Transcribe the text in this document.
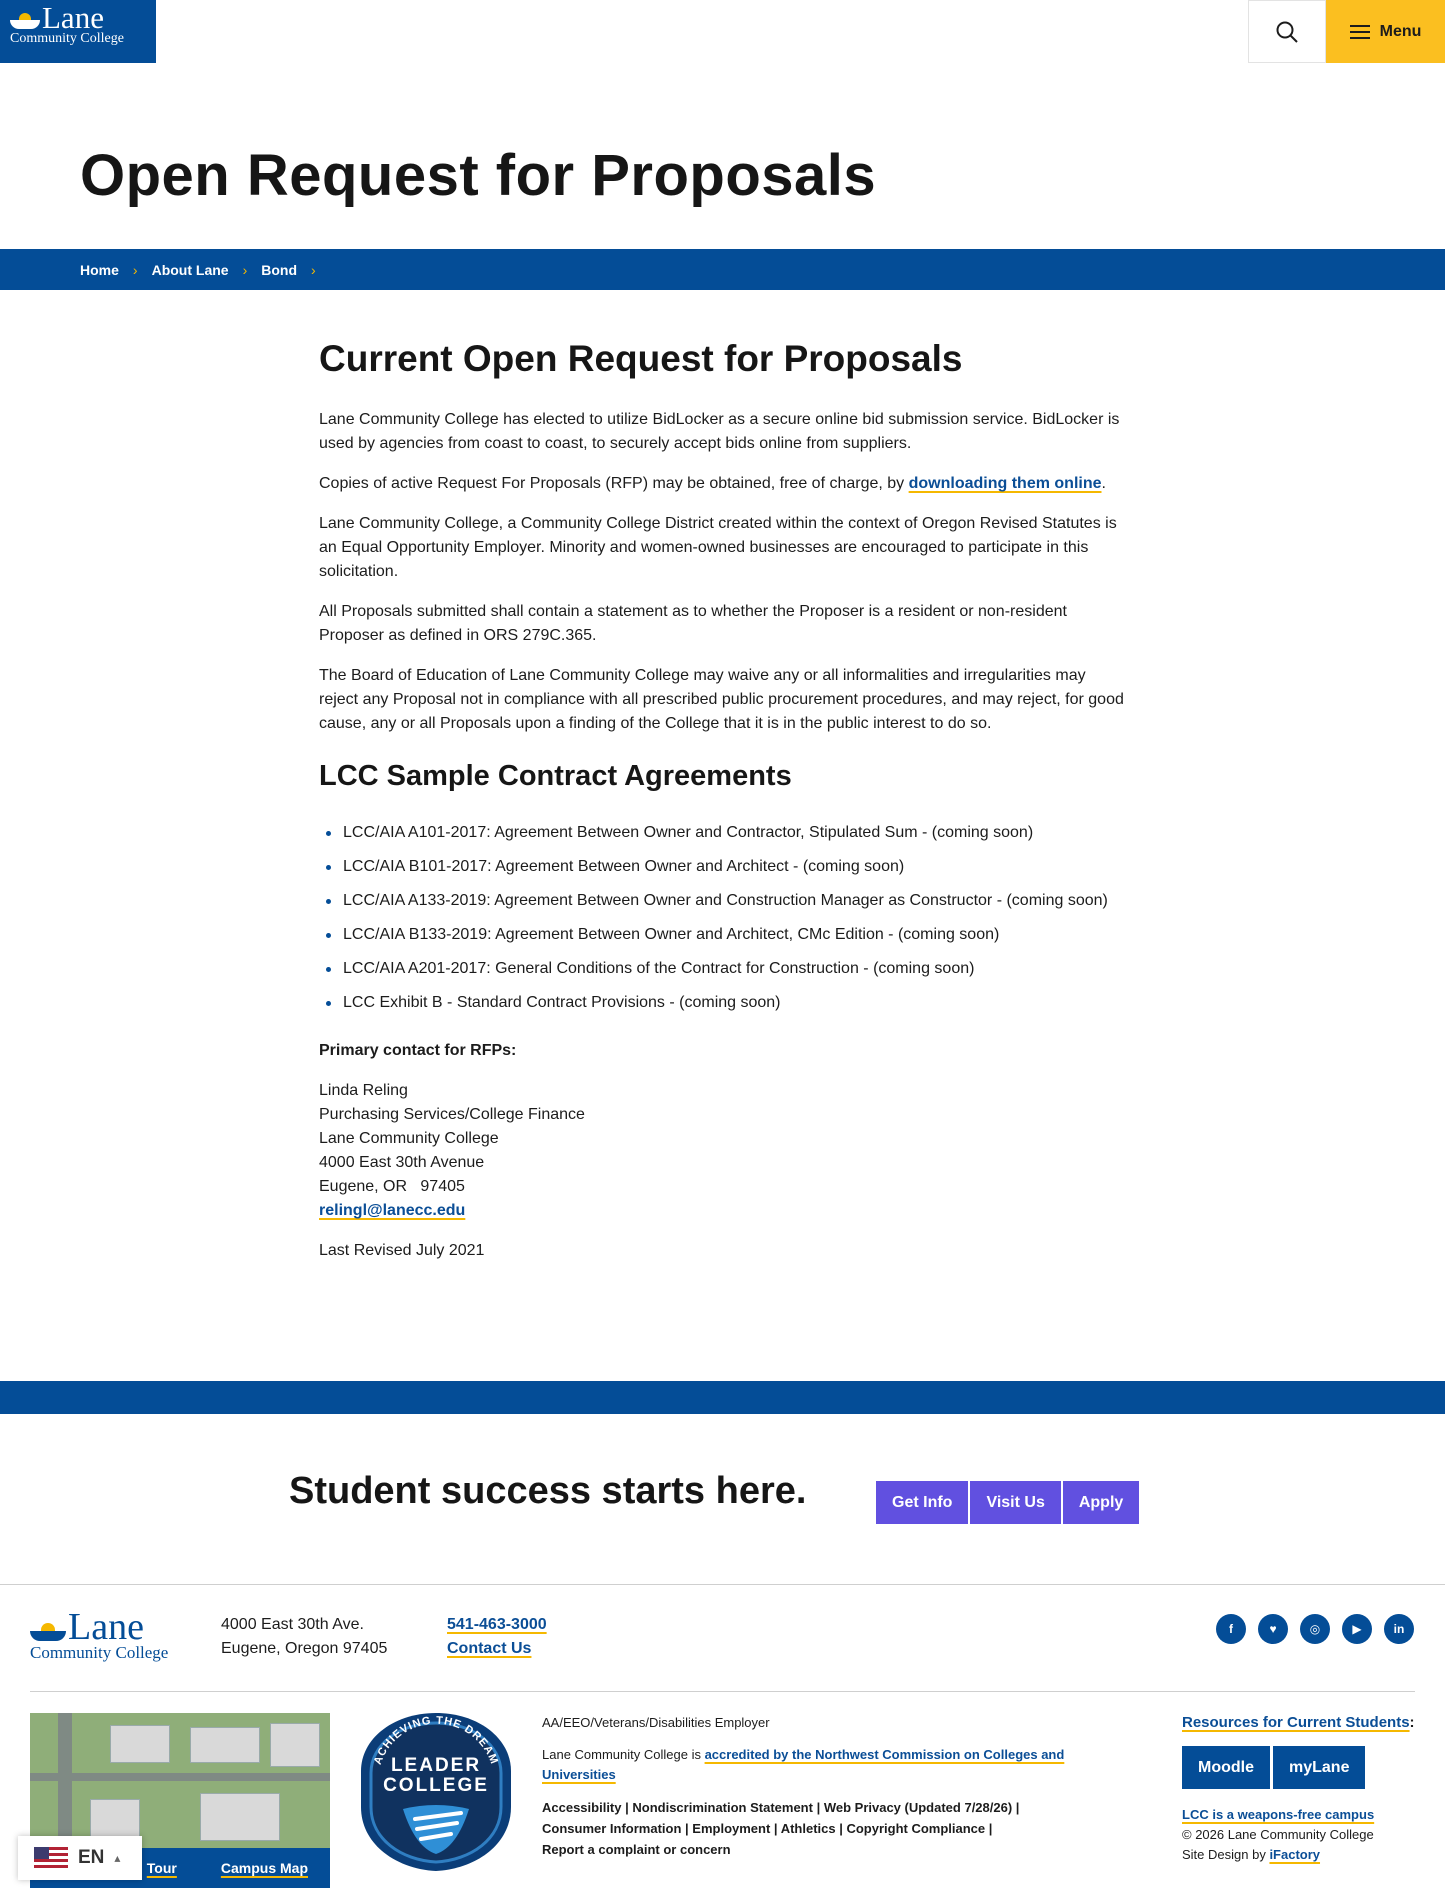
Lane
Community College	Menu
Open Request for Proposals
Home › About Lane › Bond ›
Current Open Request for Proposals

Lane Community College has elected to utilize BidLocker as a secure online bid submission service. BidLocker is used by agencies from coast to coast, to securely accept bids online from suppliers.

Copies of active Request For Proposals (RFP) may be obtained, free of charge, by downloading them online.

Lane Community College, a Community College District created within the context of Oregon Revised Statutes is an Equal Opportunity Employer. Minority and women-owned businesses are encouraged to participate in this solicitation.

All Proposals submitted shall contain a statement as to whether the Proposer is a resident or non-resident Proposer as defined in ORS 279C.365.

The Board of Education of Lane Community College may waive any or all informalities and irregularities may reject any Proposal not in compliance with all prescribed public procurement procedures, and may reject, for good cause, any or all Proposals upon a finding of the College that it is in the public interest to do so.

LCC Sample Contract Agreements
LCC/AIA A101-2017: Agreement Between Owner and Contractor, Stipulated Sum - (coming soon)
LCC/AIA B101-2017: Agreement Between Owner and Architect - (coming soon)
LCC/AIA A133-2019: Agreement Between Owner and Construction Manager as Constructor - (coming soon)
LCC/AIA B133-2019: Agreement Between Owner and Architect, CMc Edition - (coming soon)
LCC/AIA A201-2017: General Conditions of the Contract for Construction - (coming soon)
LCC Exhibit B - Standard Contract Provisions - (coming soon)

Primary contact for RFPs:

Linda Reling
Purchasing Services/College Finance
Lane Community College
4000 East 30th Avenue
Eugene, OR   97405
relingl@lanecc.edu

Last Revised July 2021

Student success starts here.	Get Info	Visit Us	Apply
Lane
Community College
4000 East 30th Ave.
Eugene, Oregon 97405
541-463-3000
Contact Us
f	♥	◎	▶	in
Tour	Campus Map
EN ▴
ACHIEVING THE DREAM
LEADER
COLLEGE

AA/EEO/Veterans/Disabilities Employer

Lane Community College is accredited by the Northwest Commission on Colleges and Universities

Accessibility | Nondiscrimination Statement | Web Privacy (Updated 7/28/26) |
Consumer Information | Employment | Athletics | Copyright Compliance |
Report a complaint or concern
Resources for Current Students:
Moodle	myLane
LCC is a weapons-free campus
© 2026 Lane Community College
Site Design by iFactory
